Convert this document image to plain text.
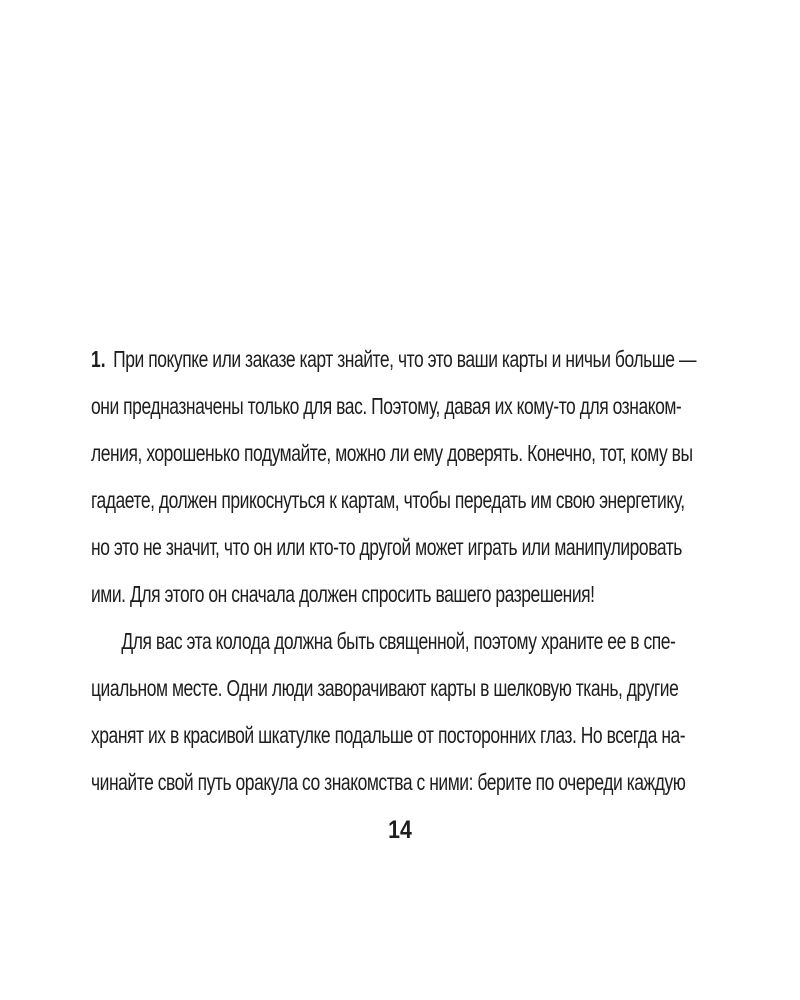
1. При покупке или заказе карт знайте, что это ваши карты и ничьи больше —
они предназначены только для вас. Поэтому, давая их кому-то для ознаком-
ления, хорошенько подумайте, можно ли ему доверять. Конечно, тот, кому вы
гадаете, должен прикоснуться к картам, чтобы передать им свою энергетику,
но это не значит, что он или кто-то другой может играть или манипулировать
ими. Для этого он сначала должен спросить вашего разрешения!
Для вас эта колода должна быть священной, поэтому храните ее в спе-
циальном месте. Одни люди заворачивают карты в шелковую ткань, другие
хранят их в красивой шкатулке подальше от посторонних глаз. Но всегда на-
чинайте свой путь оракула со знакомства с ними: берите по очереди каждую
14
